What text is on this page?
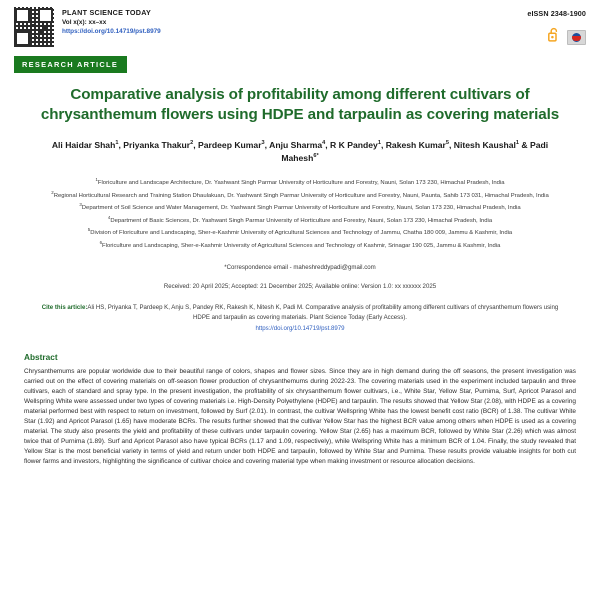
PLANT SCIENCE TODAY
Vol x(x): xx–xx
https://doi.org/10.14719/pst.8979
eISSN 2348-1900
RESEARCH ARTICLE
Comparative analysis of profitability among different cultivars of chrysanthemum flowers using HDPE and tarpaulin as covering materials
Ali Haidar Shah$^1$, Priyanka Thakur$^2$, Pardeep Kumar$^3$, Anju Sharma$^4$, R K Pandey$^1$, Rakesh Kumar$^5$, Nitesh Kaushal$^1$ & Padi Mahesh$^{6*}$

$^1$Floriculture and Landscape Architecture, Dr. Yashwant Singh Parmar University of Horticulture and Forestry, Nauni, Solan 173 230, Himachal Pradesh, India

$^2$Regional Horticultural Research and Training Station Dhaulakuan, Dr. Yashwant Singh Parmar University of Horticulture and Forestry, Nauni, Paunta, Sahib 173 031, Himachal Pradesh, India

$^3$Department of Soil Science and Water Management, Dr. Yashwant Singh Parmar University of Horticulture and Forestry, Nauni, Solan 173 230, Himachal Pradesh, India

$^4$Department of Basic Sciences, Dr. Yashwant Singh Parmar University of Horticulture and Forestry, Nauni, Solan 173 230, Himachal Pradesh, India

$^5$Division of Floriculture and Landscaping, Sher-e-Kashmir University of Agricultural Sciences and Technology of Jammu, Chatha 180 009, Jammu & Kashmir, India

$^6$Floriculture and Landscaping, Sher-e-Kashmir University of Agricultural Sciences and Technology of Kashmir, Srinagar 190 025, Jammu & Kashmir, India

*Correspondence email - maheshreddypadi@gmail.com
Received: 20 April 2025; Accepted: 21 December 2025; Available online: Version 1.0: xx xxxxxx 2025
Cite this article:Ali HS, Priyanka T, Pardeep K, Anju S, Pandey RK, Rakesh K, Nitesh K, Padi M. Comparative analysis of profitability among different cultivars of chrysanthemum flowers using HDPE and tarpaulin as covering materials. Plant Science Today (Early Access).
https://doi.org/10.14719/pst.8979
Abstract
Chrysanthemums are popular worldwide due to their beautiful range of colors, shapes and flower sizes. Since they are in high demand during the off seasons, the present investigation was carried out on the effect of covering materials on off-season flower production of chrysanthemums during 2022-23. The covering materials used in the experiment included tarpaulin and three cultivars, each of standard and spray type. In the present investigation, the profitability of six chrysanthemum flower cultivars, i.e., White Star, Yellow Star, Purnima, Surf, Apricot Parasol and Wellspring White were assessed under two types of covering materials i.e. High-Density Polyethylene (HDPE) and tarpaulin. The results showed that Yellow Star (2.08), with HDPE as a covering material performed best with respect to return on investment, followed by Surf (2.01). In contrast, the cultivar Wellspring White has the lowest benefit cost ratio (BCR) of 1.38. The cultivar White Star (1.92) and Apricot Parasol (1.65) have moderate BCRs. The results further showed that the cultivar Yellow Star has the highest BCR value among others when HDPE is used as a covering material. The study also presents the yield and profitability of these cultivars under tarpaulin covering. Yellow Star (2.65) has a maximum BCR, followed by White Star (2.26) which was almost twice that of Purnima (1.89). Surf and Apricot Parasol also have typical BCRs (1.17 and 1.09, respectively), while Wellspring White has a minimum BCR of 1.04. Finally, the study revealed that Yellow Star is the most beneficial variety in terms of yield and return under both HDPE and tarpaulin, followed by White Star and Purnima. These results provide valuable insights for both cut flower farms and investors, highlighting the significance of cultivar choice and covering material type when making investment or resource allocation decisions.
